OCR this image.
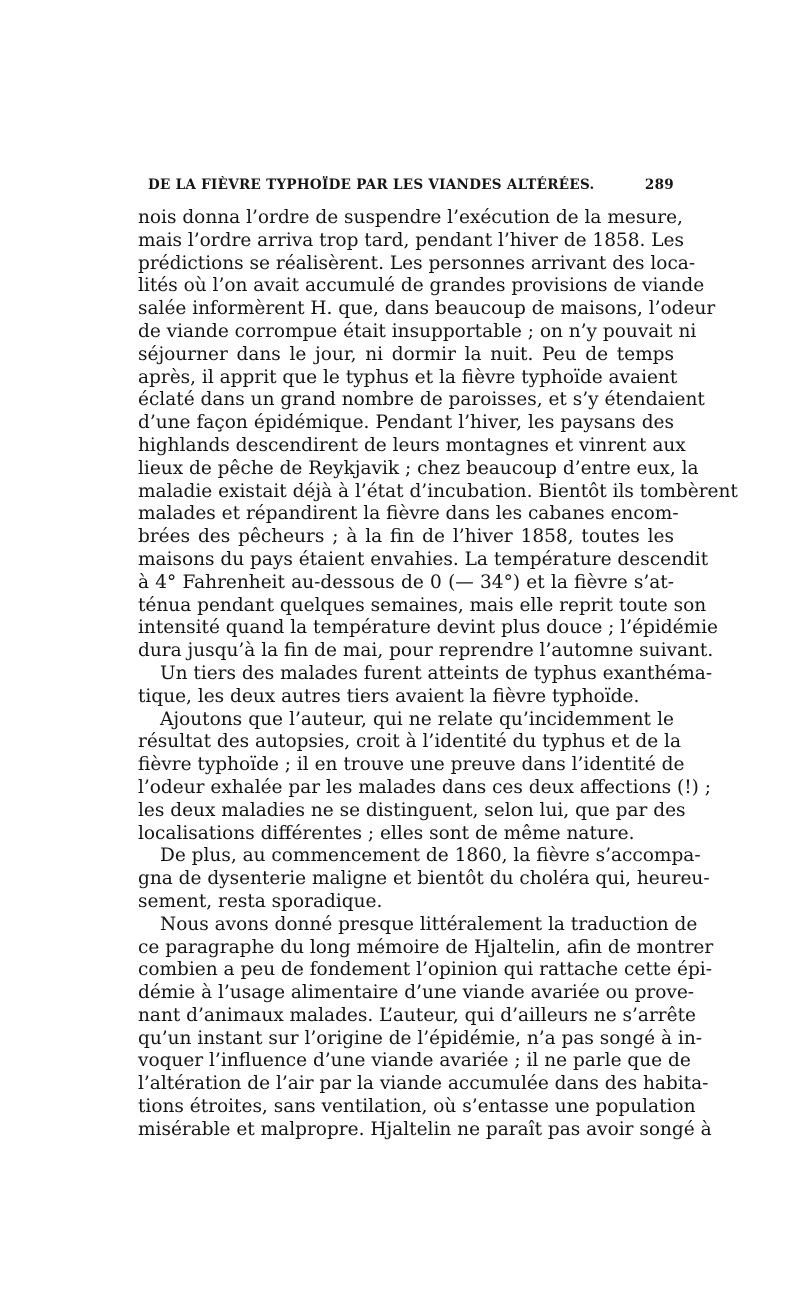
DE LA FIÈVRE TYPHOÏDE PAR LES VIANDES ALTÉRÉES.	289
nois donna l’ordre de suspendre l’exécution de la mesure,
mais l’ordre arriva trop tard, pendant l’hiver de 1858. Les
prédictions se réalisèrent. Les personnes arrivant des loca-
lités où l’on avait accumulé de grandes provisions de viande
salée informèrent H. que, dans beaucoup de maisons, l’odeur
de viande corrompue était insupportable ; on n’y pouvait ni
séjourner dans le jour, ni dormir la nuit. Peu de temps
après, il apprit que le typhus et la fièvre typhoïde avaient
éclaté dans un grand nombre de paroisses, et s’y étendaient
d’une façon épidémique. Pendant l’hiver, les paysans des
highlands descendirent de leurs montagnes et vinrent aux
lieux de pêche de Reykjavik ; chez beaucoup d’entre eux, la
maladie existait déjà à l’état d’incubation. Bientôt ils tombèrent
malades et répandirent la fièvre dans les cabanes encom-
brées des pêcheurs ; à la fin de l’hiver 1858, toutes les
maisons du pays étaient envahies. La température descendit
à 4° Fahrenheit au-dessous de 0 (— 34°) et la fièvre s’at-
ténua pendant quelques semaines, mais elle reprit toute son
intensité quand la température devint plus douce ; l’épidémie
dura jusqu’à la fin de mai, pour reprendre l’automne suivant.
Un tiers des malades furent atteints de typhus exanthéma-
tique, les deux autres tiers avaient la fièvre typhoïde.
Ajoutons que l’auteur, qui ne relate qu’incidemment le
résultat des autopsies, croit à l’identité du typhus et de la
fièvre typhoïde ; il en trouve une preuve dans l’identité de
l’odeur exhalée par les malades dans ces deux affections (!) ;
les deux maladies ne se distinguent, selon lui, que par des
localisations différentes ; elles sont de même nature.
De plus, au commencement de 1860, la fièvre s’accompa-
gna de dysenterie maligne et bientôt du choléra qui, heureu-
sement, resta sporadique.
Nous avons donné presque littéralement la traduction de
ce paragraphe du long mémoire de Hjaltelin, afin de montrer
combien a peu de fondement l’opinion qui rattache cette épi-
démie à l’usage alimentaire d’une viande avariée ou prove-
nant d’animaux malades. L’auteur, qui d’ailleurs ne s’arrête
qu’un instant sur l’origine de l’épidémie, n’a pas songé à in-
voquer l’influence d’une viande avariée ; il ne parle que de
l’altération de l’air par la viande accumulée dans des habita-
tions étroites, sans ventilation, où s’entasse une population
misérable et malpropre. Hjaltelin ne paraît pas avoir songé à
